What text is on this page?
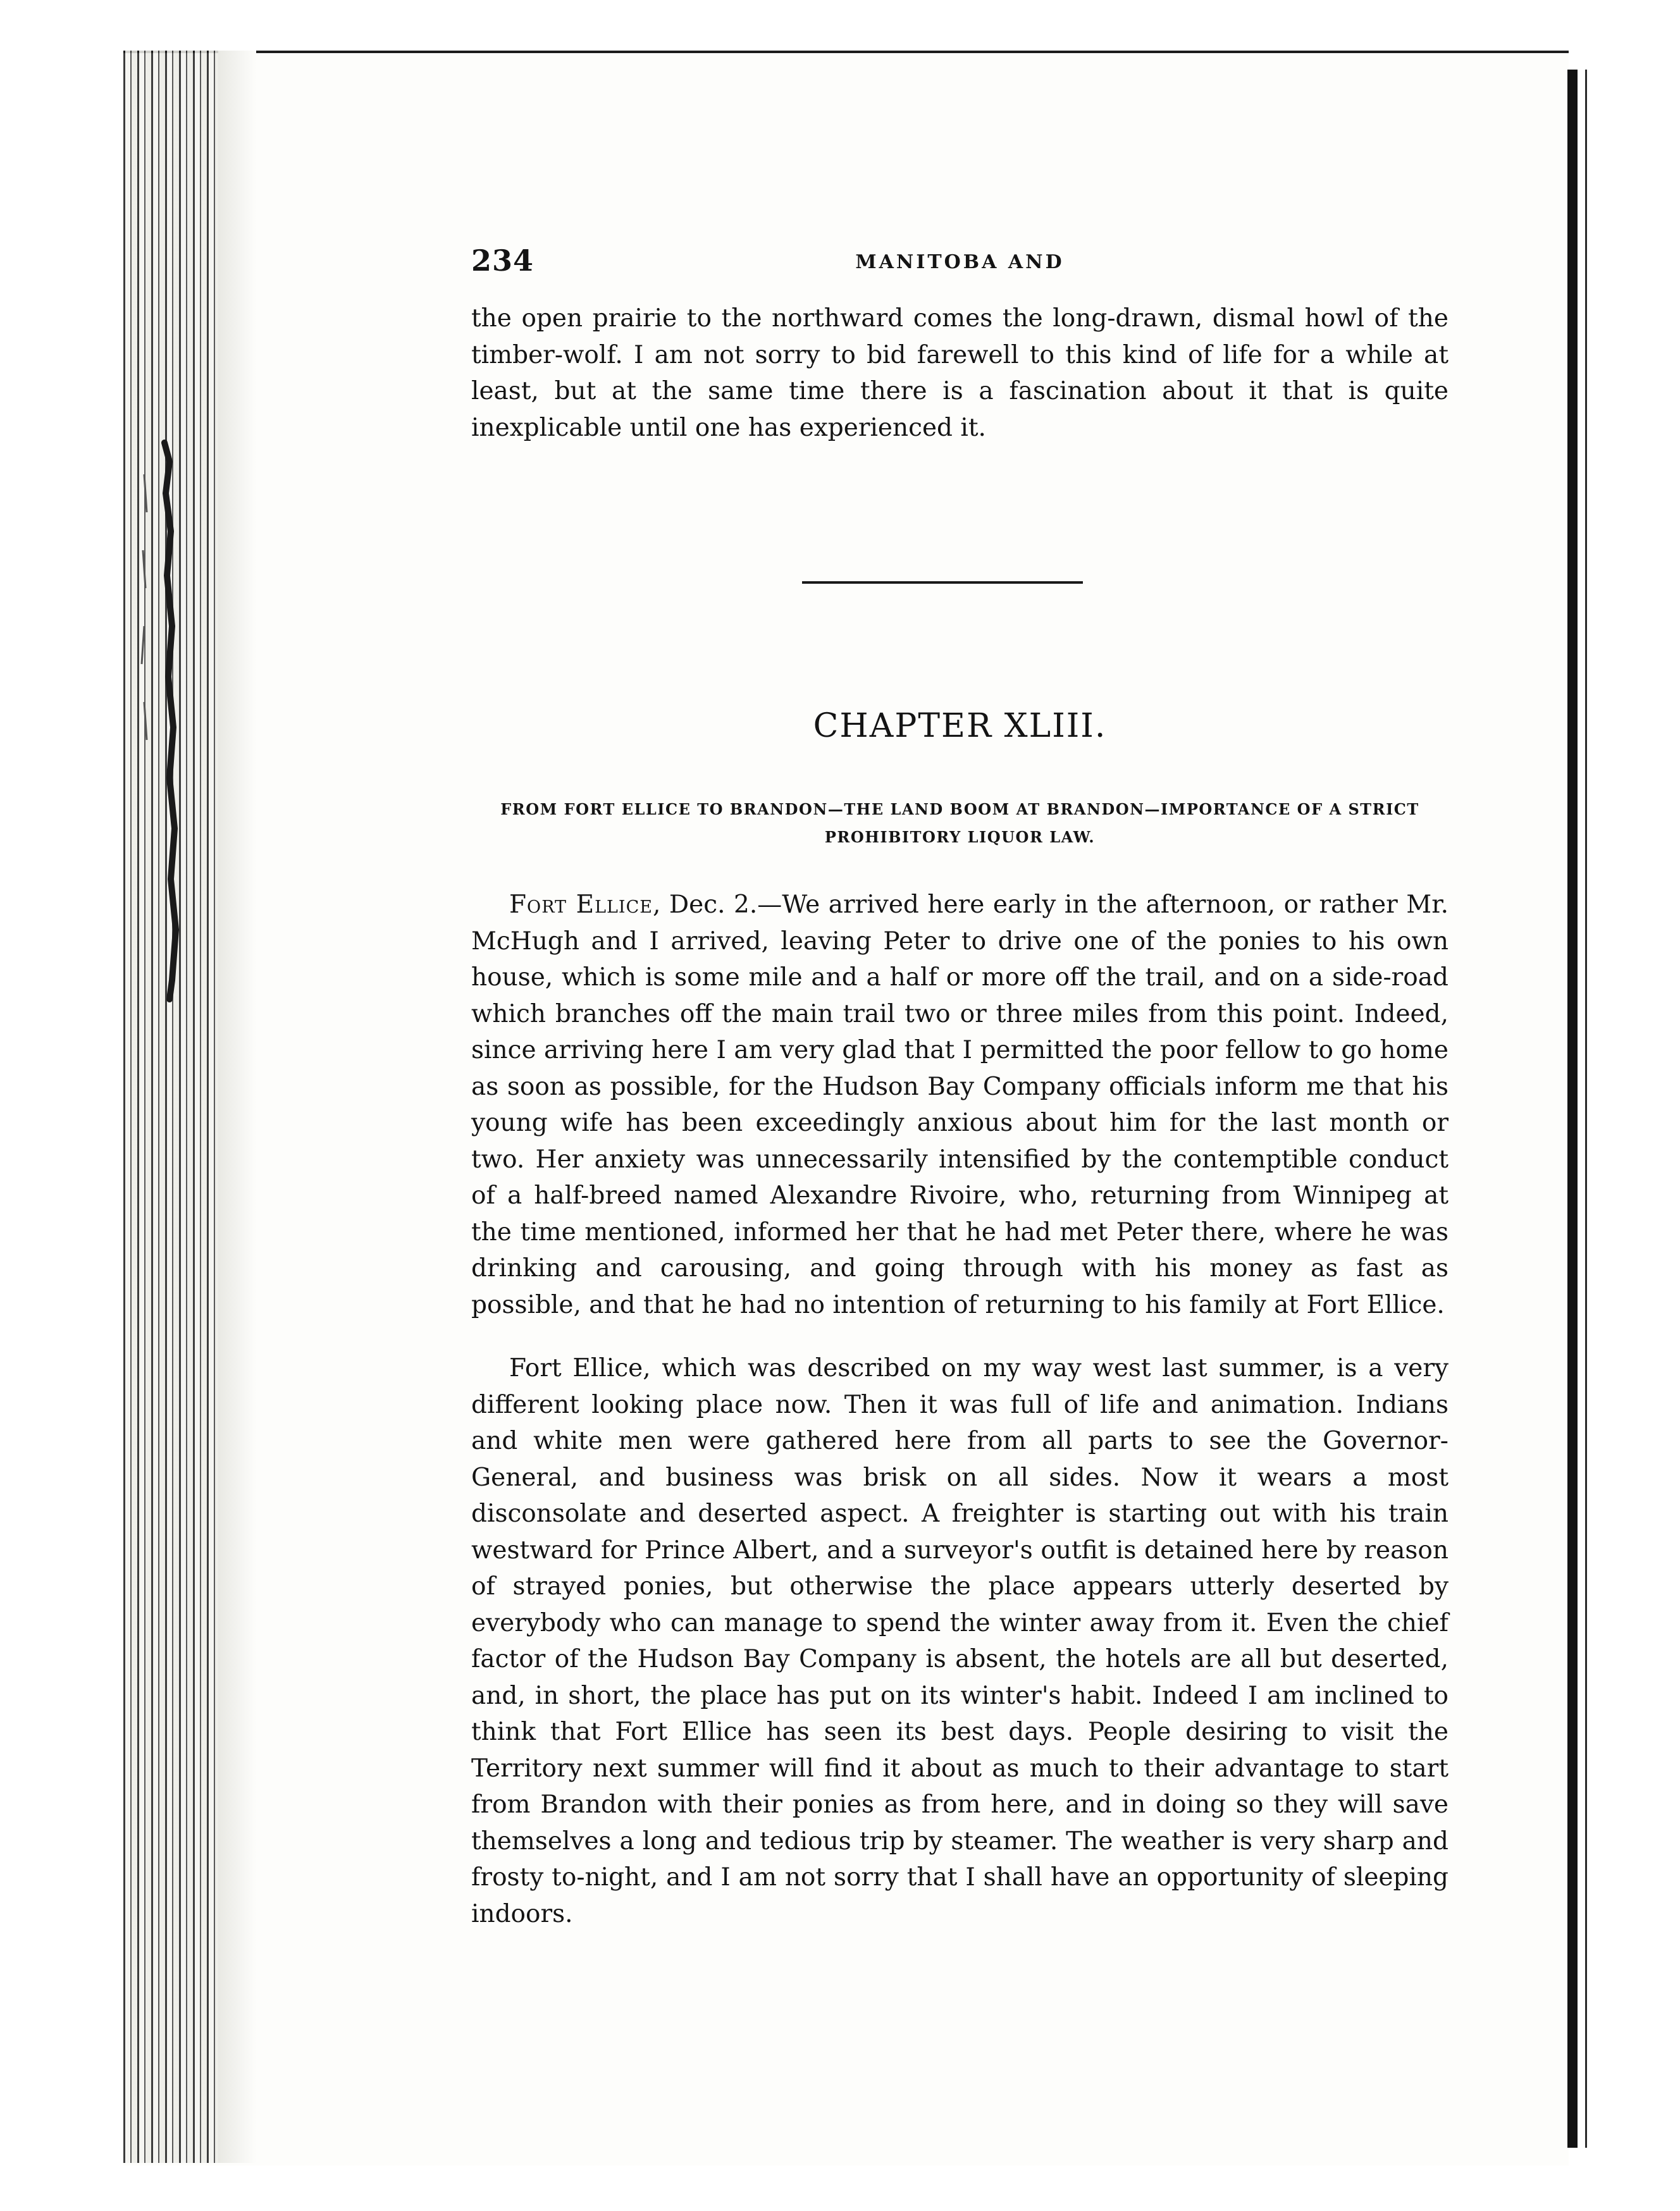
234	MANITOBA AND

the open prairie to the northward comes the long-drawn, dismal howl of the timber-wolf. I am not sorry to bid farewell to this kind of life for a while at least, but at the same time there is a fascination about it that is quite inexplicable until one has experienced it.

CHAPTER XLIII.
FROM FORT ELLICE TO BRANDON—THE LAND BOOM AT BRANDON—IMPORTANCE OF A STRICT PROHIBITORY LIQUOR LAW.

Fort Ellice, Dec. 2.—We arrived here early in the afternoon, or rather Mr. McHugh and I arrived, leaving Peter to drive one of the ponies to his own house, which is some mile and a half or more off the trail, and on a side-road which branches off the main trail two or three miles from this point. Indeed, since arriving here I am very glad that I permitted the poor fellow to go home as soon as possible, for the Hudson Bay Company officials inform me that his young wife has been exceedingly anxious about him for the last month or two. Her anxiety was unnecessarily intensified by the contemptible conduct of a half-breed named Alexandre Rivoire, who, returning from Winnipeg at the time mentioned, informed her that he had met Peter there, where he was drinking and carousing, and going through with his money as fast as possible, and that he had no intention of returning to his family at Fort Ellice.

Fort Ellice, which was described on my way west last summer, is a very different looking place now. Then it was full of life and animation. Indians and white men were gathered here from all parts to see the Governor-General, and business was brisk on all sides. Now it wears a most disconsolate and deserted aspect. A freighter is starting out with his train westward for Prince Albert, and a surveyor's outfit is detained here by reason of strayed ponies, but otherwise the place appears utterly deserted by everybody who can manage to spend the winter away from it. Even the chief factor of the Hudson Bay Company is absent, the hotels are all but deserted, and, in short, the place has put on its winter's habit. Indeed I am inclined to think that Fort Ellice has seen its best days. People desiring to visit the Territory next summer will find it about as much to their advantage to start from Brandon with their ponies as from here, and in doing so they will save themselves a long and tedious trip by steamer. The weather is very sharp and frosty to-night, and I am not sorry that I shall have an opportunity of sleeping indoors.
